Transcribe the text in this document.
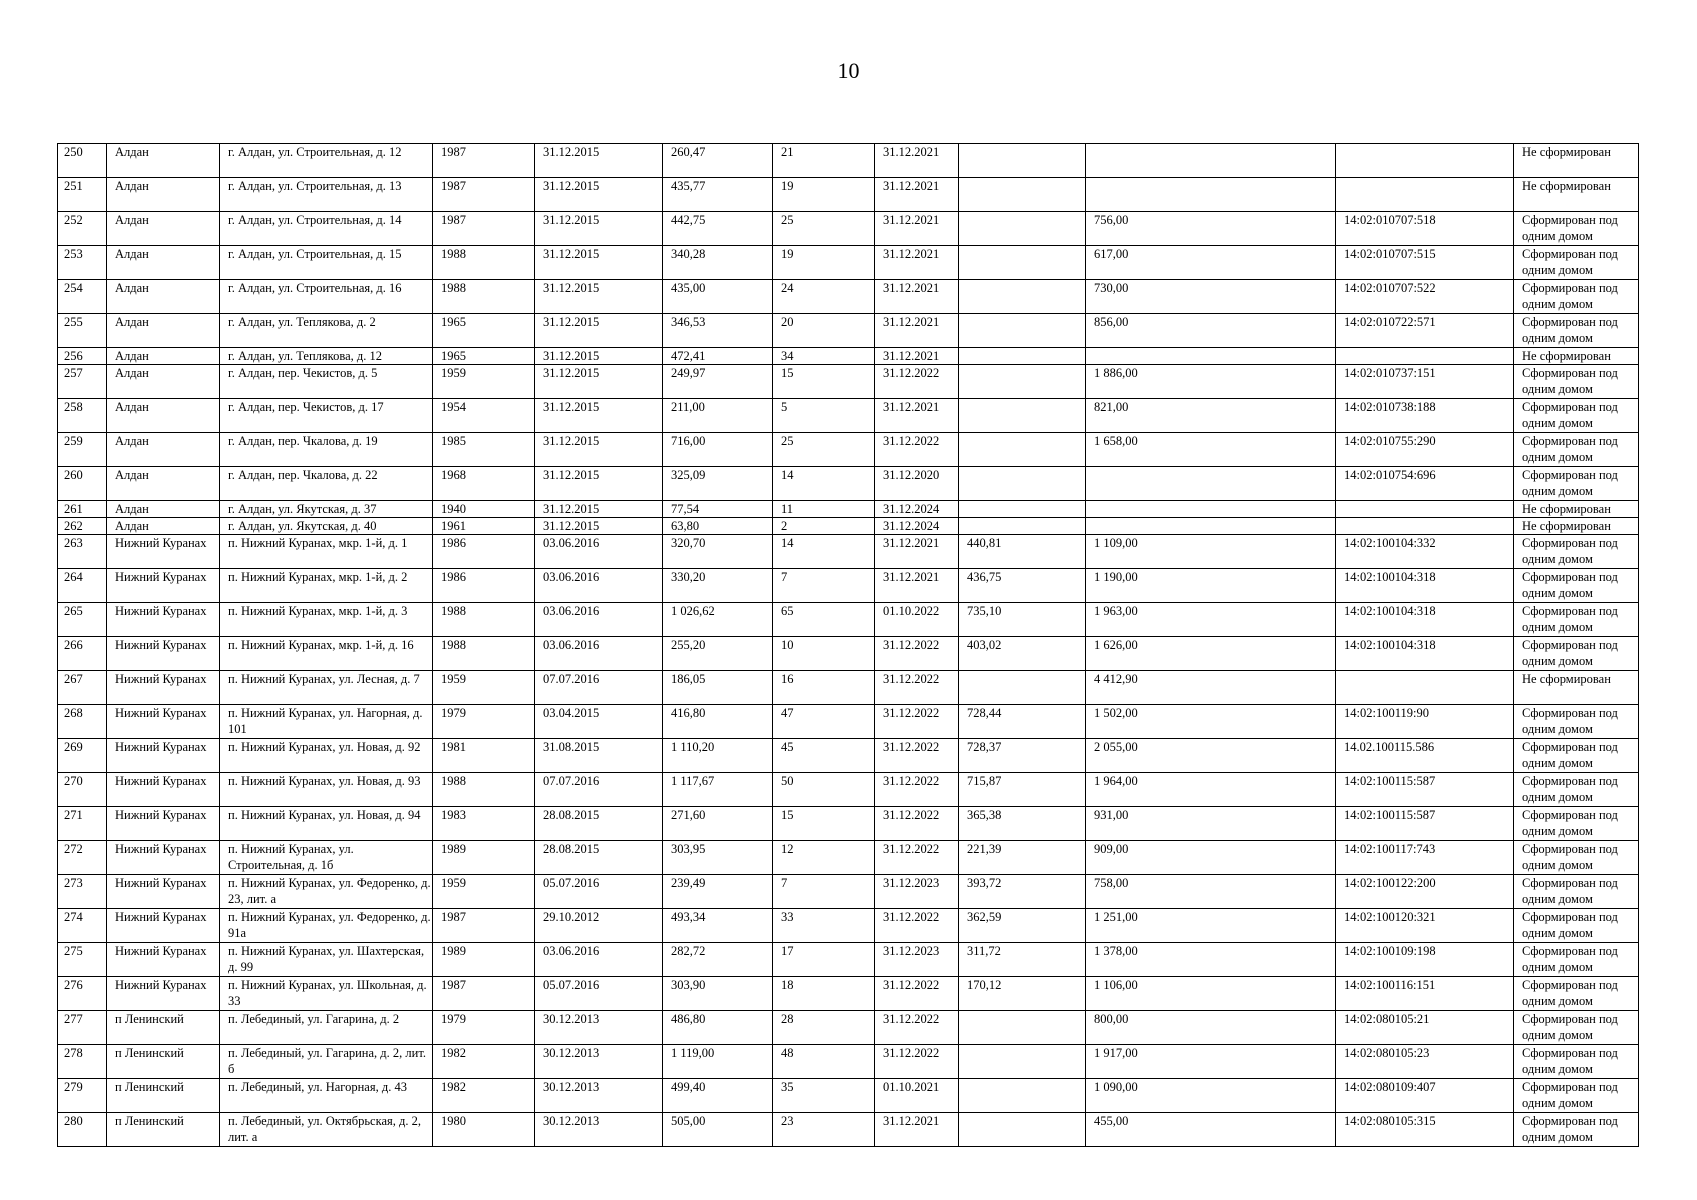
10
250	Алдан	г. Алдан, ул. Строительная, д. 12	1987	31.12.2015	260,47	21	31.12.2021				Не сформирован
251	Алдан	г. Алдан, ул. Строительная, д. 13	1987	31.12.2015	435,77	19	31.12.2021				Не сформирован
252	Алдан	г. Алдан, ул. Строительная, д. 14	1987	31.12.2015	442,75	25	31.12.2021		756,00	14:02:010707:518	Сформирован под одним домом
253	Алдан	г. Алдан, ул. Строительная, д. 15	1988	31.12.2015	340,28	19	31.12.2021		617,00	14:02:010707:515	Сформирован под одним домом
254	Алдан	г. Алдан, ул. Строительная, д. 16	1988	31.12.2015	435,00	24	31.12.2021		730,00	14:02:010707:522	Сформирован под одним домом
255	Алдан	г. Алдан, ул. Теплякова, д. 2	1965	31.12.2015	346,53	20	31.12.2021		856,00	14:02:010722:571	Сформирован под одним домом
256	Алдан	г. Алдан, ул. Теплякова, д. 12	1965	31.12.2015	472,41	34	31.12.2021				Не сформирован
257	Алдан	г. Алдан, пер. Чекистов, д. 5	1959	31.12.2015	249,97	15	31.12.2022		1 886,00	14:02:010737:151	Сформирован под одним домом
258	Алдан	г. Алдан, пер. Чекистов, д. 17	1954	31.12.2015	211,00	5	31.12.2021		821,00	14:02:010738:188	Сформирован под одним домом
259	Алдан	г. Алдан, пер. Чкалова, д. 19	1985	31.12.2015	716,00	25	31.12.2022		1 658,00	14:02:010755:290	Сформирован под одним домом
260	Алдан	г. Алдан, пер. Чкалова, д. 22	1968	31.12.2015	325,09	14	31.12.2020			14:02:010754:696	Сформирован под одним домом
261	Алдан	г. Алдан, ул. Якутская, д. 37	1940	31.12.2015	77,54	11	31.12.2024				Не сформирован
262	Алдан	г. Алдан, ул. Якутская, д. 40	1961	31.12.2015	63,80	2	31.12.2024				Не сформирован
263	Нижний Куранах	п. Нижний Куранах, мкр. 1-й, д. 1	1986	03.06.2016	320,70	14	31.12.2021	440,81	1 109,00	14:02:100104:332	Сформирован под одним домом
264	Нижний Куранах	п. Нижний Куранах, мкр. 1-й, д. 2	1986	03.06.2016	330,20	7	31.12.2021	436,75	1 190,00	14:02:100104:318	Сформирован под одним домом
265	Нижний Куранах	п. Нижний Куранах, мкр. 1-й, д. 3	1988	03.06.2016	1 026,62	65	01.10.2022	735,10	1 963,00	14:02:100104:318	Сформирован под одним домом
266	Нижний Куранах	п. Нижний Куранах, мкр. 1-й, д. 16	1988	03.06.2016	255,20	10	31.12.2022	403,02	1 626,00	14:02:100104:318	Сформирован под одним домом
267	Нижний Куранах	п. Нижний Куранах, ул. Лесная, д. 7	1959	07.07.2016	186,05	16	31.12.2022		4 412,90		Не сформирован
268	Нижний Куранах	п. Нижний Куранах, ул. Нагорная, д. 101	1979	03.04.2015	416,80	47	31.12.2022	728,44	1 502,00	14:02:100119:90	Сформирован под одним домом
269	Нижний Куранах	п. Нижний Куранах, ул. Новая, д. 92	1981	31.08.2015	1 110,20	45	31.12.2022	728,37	2 055,00	14.02.100115.586	Сформирован под одним домом
270	Нижний Куранах	п. Нижний Куранах, ул. Новая, д. 93	1988	07.07.2016	1 117,67	50	31.12.2022	715,87	1 964,00	14:02:100115:587	Сформирован под одним домом
271	Нижний Куранах	п. Нижний Куранах, ул. Новая, д. 94	1983	28.08.2015	271,60	15	31.12.2022	365,38	931,00	14:02:100115:587	Сформирован под одним домом
272	Нижний Куранах	п. Нижний Куранах, ул. Строительная, д. 1б	1989	28.08.2015	303,95	12	31.12.2022	221,39	909,00	14:02:100117:743	Сформирован под одним домом
273	Нижний Куранах	п. Нижний Куранах, ул. Федоренко, д. 23, лит. а	1959	05.07.2016	239,49	7	31.12.2023	393,72	758,00	14:02:100122:200	Сформирован под одним домом
274	Нижний Куранах	п. Нижний Куранах, ул. Федоренко, д. 91а	1987	29.10.2012	493,34	33	31.12.2022	362,59	1 251,00	14:02:100120:321	Сформирован под одним домом
275	Нижний Куранах	п. Нижний Куранах, ул. Шахтерская, д. 99	1989	03.06.2016	282,72	17	31.12.2023	311,72	1 378,00	14:02:100109:198	Сформирован под одним домом
276	Нижний Куранах	п. Нижний Куранах, ул. Школьная, д. 33	1987	05.07.2016	303,90	18	31.12.2022	170,12	1 106,00	14:02:100116:151	Сформирован под одним домом
277	п Ленинский	п. Лебединый, ул. Гагарина, д. 2	1979	30.12.2013	486,80	28	31.12.2022		800,00	14:02:080105:21	Сформирован под одним домом
278	п Ленинский	п. Лебединый, ул. Гагарина, д. 2, лит. б	1982	30.12.2013	1 119,00	48	31.12.2022		1 917,00	14:02:080105:23	Сформирован под одним домом
279	п Ленинский	п. Лебединый, ул. Нагорная, д. 43	1982	30.12.2013	499,40	35	01.10.2021		1 090,00	14:02:080109:407	Сформирован под одним домом
280	п Ленинский	п. Лебединый, ул. Октябрьская, д. 2, лит. а	1980	30.12.2013	505,00	23	31.12.2021		455,00	14:02:080105:315	Сформирован под одним домом
